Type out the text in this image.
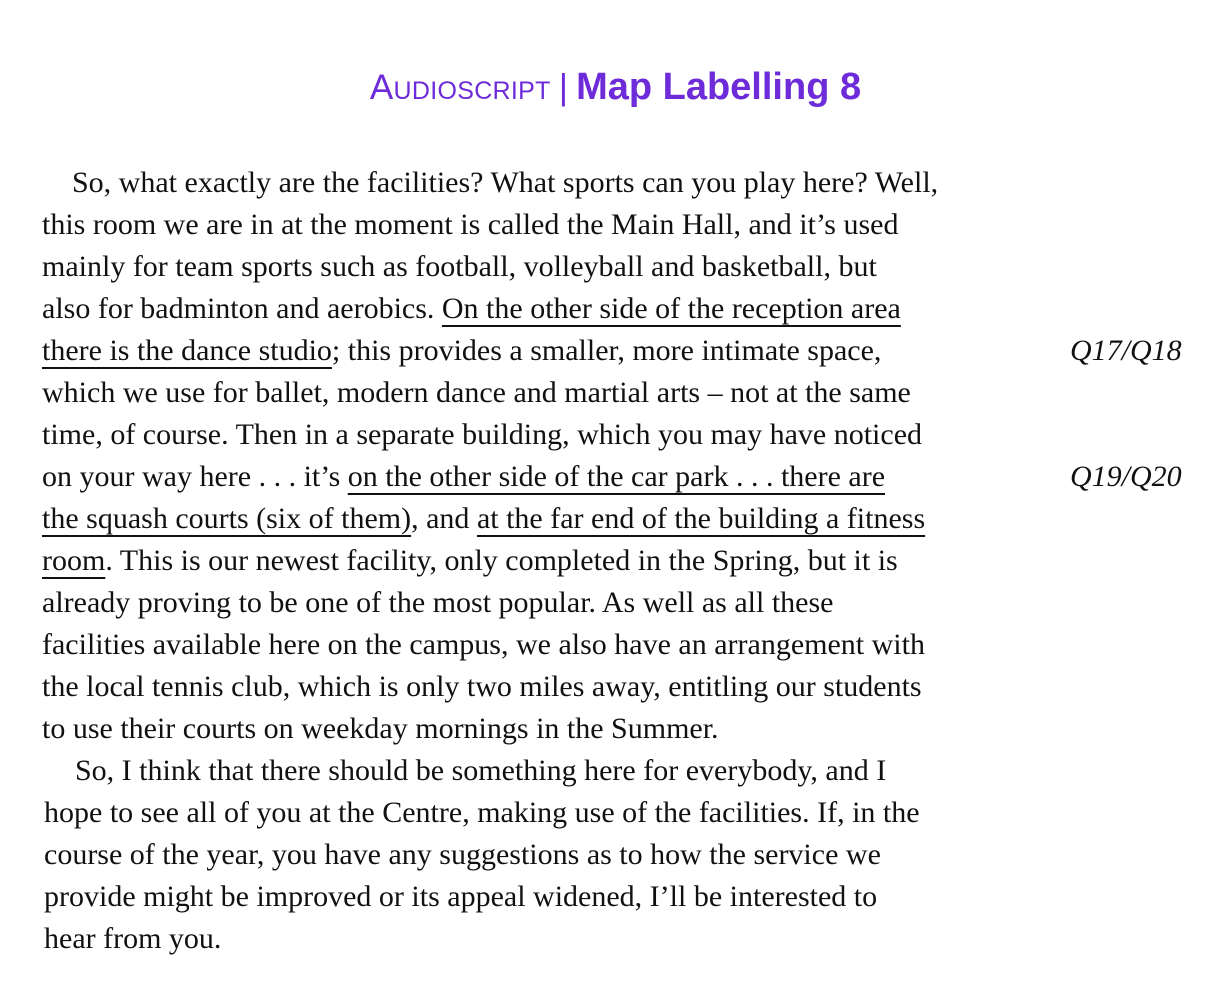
Audioscript | Map Labelling 8
So, what exactly are the facilities? What sports can you play here? Well,
this room we are in at the moment is called the Main Hall, and it’s used
mainly for team sports such as football, volleyball and basketball, but
also for badminton and aerobics. On the other side of the reception area
there is the dance studio; this provides a smaller, more intimate space,
which we use for ballet, modern dance and martial arts – not at the same
time, of course. Then in a separate building, which you may have noticed
on your way here . . . it’s on the other side of the car park . . . there are
the squash courts (six of them), and at the far end of the building a fitness
room. This is our newest facility, only completed in the Spring, but it is
already proving to be one of the most popular. As well as all these
facilities available here on the campus, we also have an arrangement with
the local tennis club, which is only two miles away, entitling our students
to use their courts on weekday mornings in the Summer.
So, I think that there should be something here for everybody, and I
hope to see all of you at the Centre, making use of the facilities. If, in the
course of the year, you have any suggestions as to how the service we
provide might be improved or its appeal widened, I’ll be interested to
hear from you.
Q17/Q18
Q19/Q20
